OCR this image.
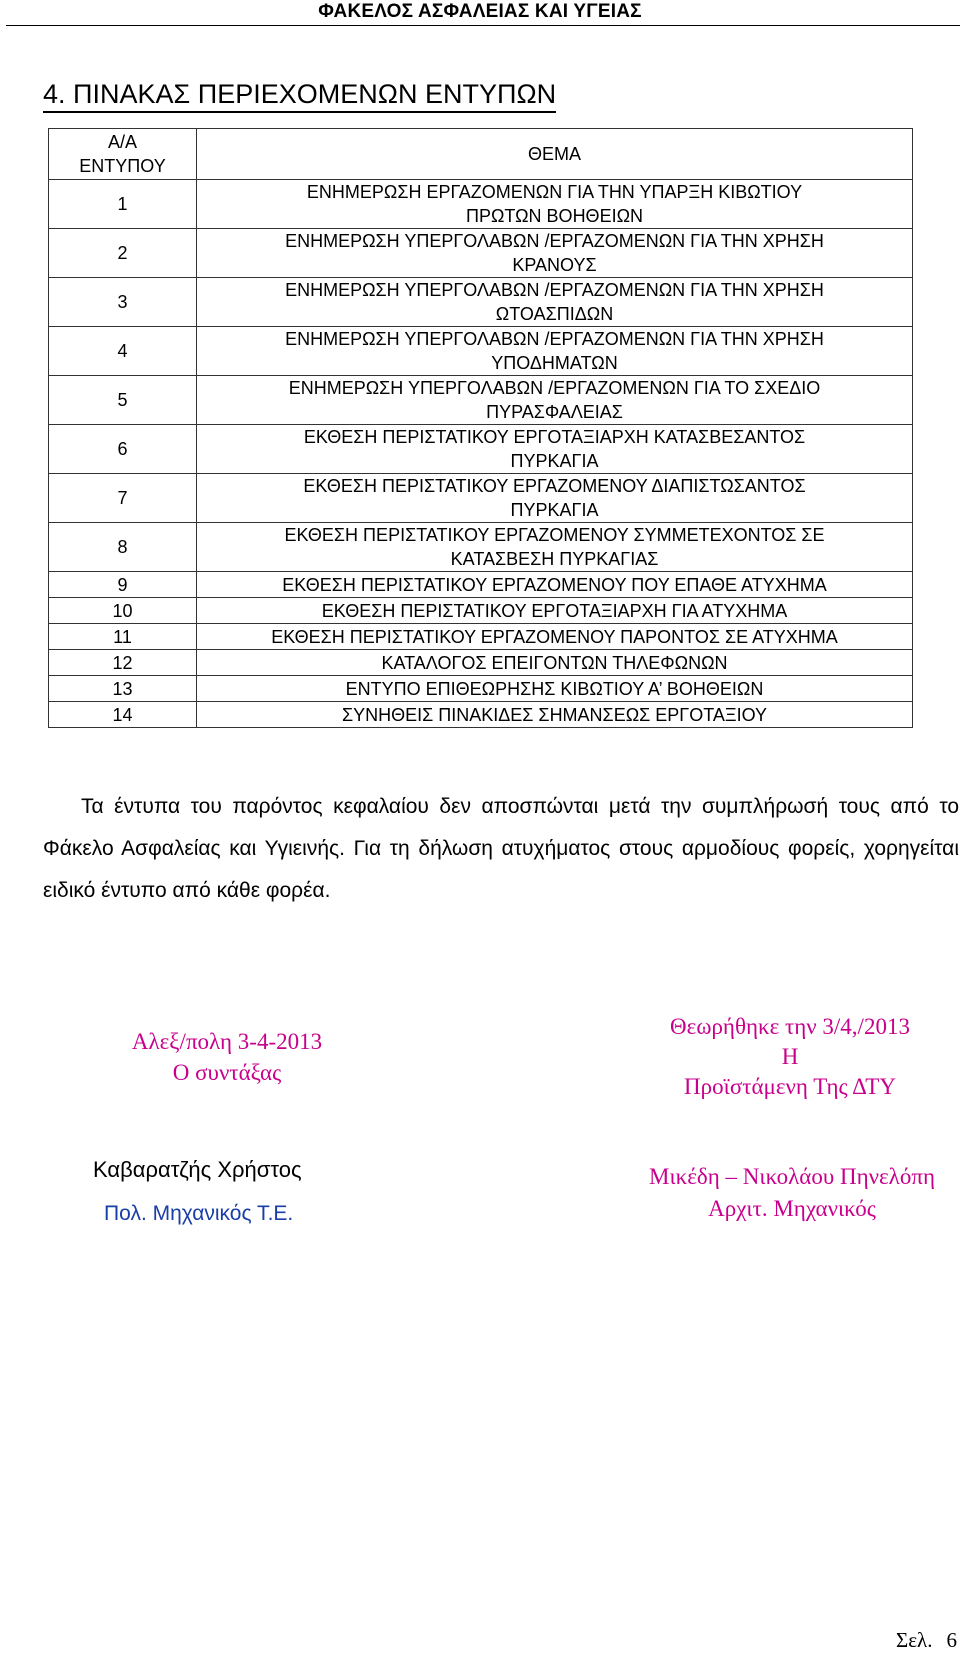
ΦΑΚΕΛΟΣ ΑΣΦΑΛΕΙΑΣ ΚΑΙ ΥΓΕΙΑΣ
4. ΠΙΝΑΚΑΣ ΠΕΡΙΕΧΟΜΕΝΩΝ ΕΝΤΥΠΩΝ
Α/Α
ΕΝΤΥΠΟΥ	ΘΕΜΑ
1	ΕΝΗΜΕΡΩΣΗ ΕΡΓΑΖΟΜΕΝΩΝ ΓΙΑ ΤΗΝ ΥΠΑΡΞΗ ΚΙΒΩΤΙΟΥ
ΠΡΩΤΩΝ ΒΟΗΘΕΙΩΝ
2	ΕΝΗΜΕΡΩΣΗ ΥΠΕΡΓΟΛΑΒΩΝ /ΕΡΓΑΖΟΜΕΝΩΝ ΓΙΑ ΤΗΝ ΧΡΗΣΗ
ΚΡΑΝΟΥΣ
3	ΕΝΗΜΕΡΩΣΗ ΥΠΕΡΓΟΛΑΒΩΝ /ΕΡΓΑΖΟΜΕΝΩΝ ΓΙΑ ΤΗΝ ΧΡΗΣΗ
ΩΤΟΑΣΠΙΔΩΝ
4	ΕΝΗΜΕΡΩΣΗ ΥΠΕΡΓΟΛΑΒΩΝ /ΕΡΓΑΖΟΜΕΝΩΝ ΓΙΑ ΤΗΝ ΧΡΗΣΗ
ΥΠΟΔΗΜΑΤΩΝ
5	ΕΝΗΜΕΡΩΣΗ ΥΠΕΡΓΟΛΑΒΩΝ /ΕΡΓΑΖΟΜΕΝΩΝ ΓΙΑ ΤΟ ΣΧΕΔΙΟ
ΠΥΡΑΣΦΑΛΕΙΑΣ
6	ΕΚΘΕΣΗ ΠΕΡΙΣΤΑΤΙΚΟΥ ΕΡΓΟΤΑΞΙΑΡΧΗ ΚΑΤΑΣΒΕΣΑΝΤΟΣ
ΠΥΡΚΑΓΙΑ
7	ΕΚΘΕΣΗ ΠΕΡΙΣΤΑΤΙΚΟΥ ΕΡΓΑΖΟΜΕΝΟΥ ΔΙΑΠΙΣΤΩΣΑΝΤΟΣ
ΠΥΡΚΑΓΙΑ
8	ΕΚΘΕΣΗ ΠΕΡΙΣΤΑΤΙΚΟΥ ΕΡΓΑΖΟΜΕΝΟΥ ΣΥΜΜΕΤΕΧΟΝΤΟΣ ΣΕ
ΚΑΤΑΣΒΕΣΗ ΠΥΡΚΑΓΙΑΣ
9	ΕΚΘΕΣΗ ΠΕΡΙΣΤΑΤΙΚΟΥ ΕΡΓΑΖΟΜΕΝΟΥ ΠΟΥ ΕΠΑΘΕ ΑΤΥΧΗΜΑ
10	ΕΚΘΕΣΗ ΠΕΡΙΣΤΑΤΙΚΟΥ ΕΡΓΟΤΑΞΙΑΡΧΗ ΓΙΑ ΑΤΥΧΗΜΑ
11	ΕΚΘΕΣΗ ΠΕΡΙΣΤΑΤΙΚΟΥ ΕΡΓΑΖΟΜΕΝΟΥ ΠΑΡΟΝΤΟΣ ΣΕ ΑΤΥΧΗΜΑ
12	ΚΑΤΑΛΟΓΟΣ ΕΠΕΙΓΟΝΤΩΝ ΤΗΛΕΦΩΝΩΝ
13	ΕΝΤΥΠΟ ΕΠΙΘΕΩΡΗΣΗΣ ΚΙΒΩΤΙΟΥ Α’ ΒΟΗΘΕΙΩΝ
14	ΣΥΝΗΘΕΙΣ ΠΙΝΑΚΙΔΕΣ ΣΗΜΑΝΣΕΩΣ ΕΡΓΟΤΑΞΙΟΥ

Τα έντυπα του παρόντος κεφαλαίου δεν αποσπώνται μετά την συμπλήρωσή τους από το Φάκελο Ασφαλείας και Υγιεινής. Για τη δήλωση ατυχήματος στους αρμοδίους φορείς, χορηγείται ειδικό έντυπο από κάθε φορέα.

Αλεξ/πολη 3-4-2013
Ο συντάξας
Θεωρήθηκε την 3/4,/2013
Η
Προϊστάμενη Της ΔΤΥ
Καβαρατζής Χρήστος
Πολ. Μηχανικός Τ.Ε.
Μικέδη – Νικολάου Πηνελόπη
Αρχιτ. Μηχανικός
Σελ. 6
